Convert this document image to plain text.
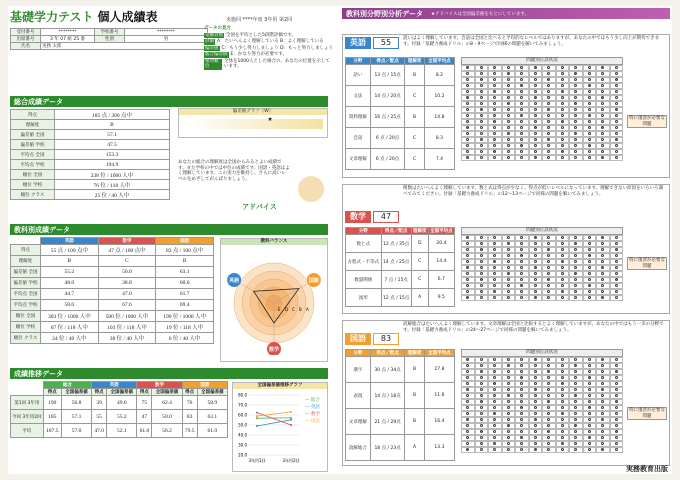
基礎学力テスト 個人成績表	実施回 ****年度 3年用 第2回
受付番号	********	学校番号	********
出席番号	3 年 07 組 25 番	性別	男
氏名	実務 太郎		
データの見方
受験者数 全国を平均とした5段階評価です。
評価 A：たいへんよく理解している B：よく理解している
偏差値 C：もう少し努力しましょう D：もっと努力しましょう
総合偏差値 E：かなり努力が必要です。
相対順位
全体を1000人とした場合の、あなたの位置を示しています。
総合成績データ
得点	185 点 / 300 点中
理解度	B
偏差値 全国	57.1
偏差値 学校	47.5
平均点 全国	153.3
平均点 学校	194.9
順位 全国	238 位 / 1000 人中
順位 学校	76 位 / 118 人中
順位 クラス	25 位 / 40 人中
偏差値グラフ（W）
★
あなたの総合の理解度は全国からみるとよい成績です。また学校の中では中位の成績です。国語・英語はよく理解しています。この実力を維持し、さらに高いレベルをめざしてがんばりましょう。
アドバイス
教科別成績データ
	英語	数学	国語
得点	55 点 / 100 点中	47 点 / 100 点中	83 点 / 100 点中
理解度	B	C	B
偏差値 全国	55.2	50.0	63.1
偏差値 学校	48.0	38.8	60.6
平均点 全国	44.7	47.0	61.7
平均点 学校	58.0	67.6	69.4
順位 全国	303 位 / 1000 人中	500 位 / 1000 人中	190 位 / 1000 人中
順位 学校	67 位 / 118 人中	103 位 / 118 人中	19 位 / 118 人中
順位 クラス	24 位 / 40 人中	38 位 / 40 人中	6 位 / 40 人中
教科バランス
英語	国語
数学
E D C B A
成績推移データ
	総合		英語		数学		国語	
	得点	全国偏差値	得点	全国偏差値	得点	全国偏差値	得点	全国偏差値
第1回 3年用	190	56.8	39	49.0	75	62.4	76	58.9
今回 3年用2回	185	57.1	55	55.2	47	50.0	83	63.1
平均	187.5	57.0	47.0	52.1	61.0	56.2	79.5	61.0
全国偏差値推移グラフ
20.0
30.0
40.0
50.0
60.0
70.0
80.0
― 総合
― 英語
― 数学
― 国語
3年用1回	3年用2回
教科別分野別分析データ ★アドバイスは全国偏差値をもとにしています。
英語	55	読いはよく理解しています。会話は全国と比べると平均的なレベルではありますが、あなたの中ではもう少し向上が期待できます。付録「基礎力養成ドリル」の8・9ページで同様の問題を解いてみましょう。
分野	得点／配点	理解度	全国平均点
語い	13 点 / 15点	B	8.2
文法	14 点 / 20点	C	10.2
資料理解	16 点 / 25点	B	14.8
会話	6 点 / 20点	C	8.3
文章理解	6 点 / 20点	C	7.4
問題別正誤状況
特に復習が必要な問題
数学	47
関数はたいへんよく理解しています。数と式は得点が少なく、得点が低いレベルになっています。理解できない原因をいろいろ調べてみてください。付録「基礎力養成ドリル」の12～13ページで同様の問題を解いてみましょう。
分野	得点／配点	理解度	全国平均点
数と式	12 点 / 35点	D	20.4
方程式・不等式	14 点 / 25点	C	14.4
数量関係	7 点 / 15点	C	6.7
図形	12 点 / 15点	A	9.5
問題別正誤状況
特に復習が必要な問題
国語	83
読解総合はたいへんよく理解しています。文章理解は全国と比較するとよく理解していますが、あなたの中ではもう一歩の分野です。付録「基礎力養成ドリル」の24～27ページで同様の問題を解いてみましょう。
分野	得点／配点	理解度	全国平均点
漢字	30 点 / 34点	B	27.8
表現	14 点 / 18点	B	11.6
文章理解	21 点 / 29点	B	16.4
読解総合	18 点 / 23点	A	13.3
問題別正誤状況
特に復習が必要な問題
実務教育出版
